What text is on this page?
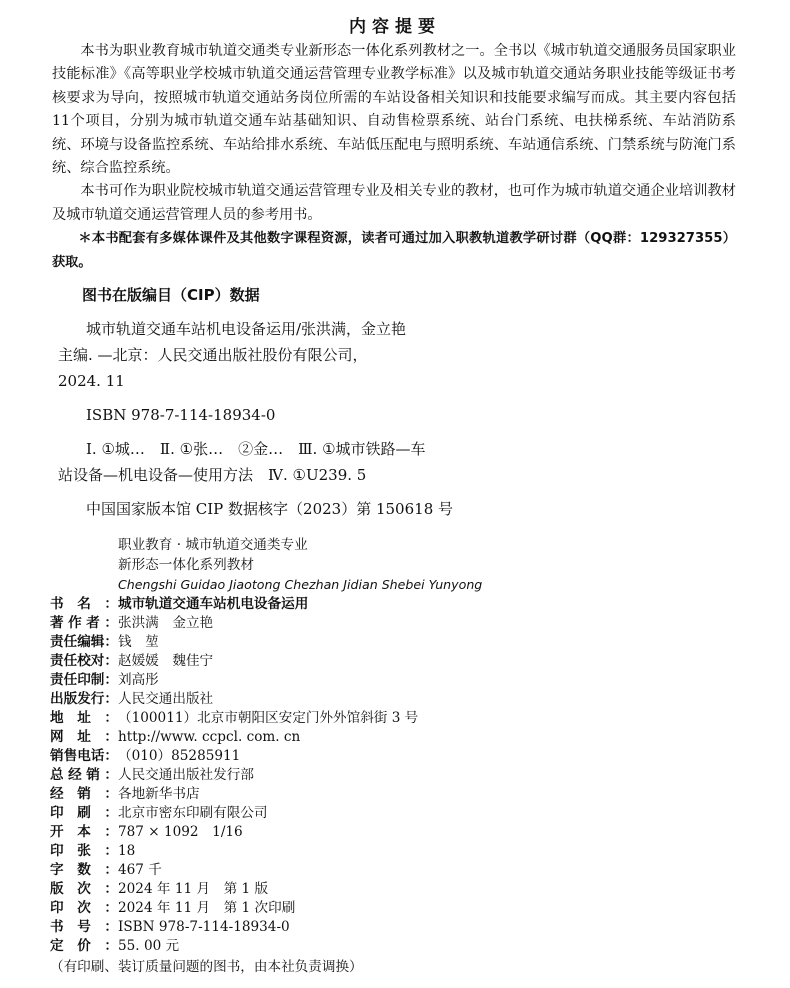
内容提要

本书为职业教育城市轨道交通类专业新形态一体化系列教材之一。全书以《城市轨道交通服务员国家职业技能标准》《高等职业学校城市轨道交通运营管理专业教学标准》以及城市轨道交通站务职业技能等级证书考核要求为导向，按照城市轨道交通站务岗位所需的车站设备相关知识和技能要求编写而成。其主要内容包括11个项目，分别为城市轨道交通车站基础知识、自动售检票系统、站台门系统、电扶梯系统、车站消防系统、环境与设备监控系统、车站给排水系统、车站低压配电与照明系统、车站通信系统、门禁系统与防淹门系统、综合监控系统。

本书可作为职业院校城市轨道交通运营管理专业及相关专业的教材，也可作为城市轨道交通企业培训教材及城市轨道交通运营管理人员的参考用书。

＊本书配套有多媒体课件及其他数字课程资源，读者可通过加入职教轨道教学研讨群（QQ群：129327355）获取。

图书在版编目（CIP）数据
城市轨道交通车站机电设备运用/张洪满，金立艳
主编. —北京：人民交通出版社股份有限公司，
2024. 11
ISBN 978-7-114-18934-0
Ⅰ. ①城…　Ⅱ. ①张…　②金…　Ⅲ. ①城市铁路—车
站设备—机电设备—使用方法　Ⅳ. ①U239. 5
中国国家版本馆 CIP 数据核字（2023）第 150618 号
职业教育 · 城市轨道交通类专业
新形态一体化系列教材
Chengshi Guidao Jiaotong Chezhan Jidian Shebei Yunyong
书 名 ： 城市轨道交通车站机电设备运用
著 作 者 ： 张洪满　金立艳
责 任 编 辑 ： 钱　堃
责 任 校 对 ： 赵媛媛　魏佳宁
责 任 印 制 ： 刘高彤
出 版 发 行 ： 人民交通出版社
地 址 ： （100011）北京市朝阳区安定门外外馆斜街 3 号
网 址 ： http://www. ccpcl. com. cn
销 售 电 话 ： （010）85285911
总 经 销 ： 人民交通出版社发行部
经 销 ： 各地新华书店
印 刷 ： 北京市密东印刷有限公司
开 本 ： 787 × 1092　1/16
印 张 ： 18
字 数 ： 467 千
版 次 ： 2024 年 11 月　第 1 版
印 次 ： 2024 年 11 月　第 1 次印刷
书 号 ： ISBN 978-7-114-18934-0
定 价 ： 55. 00 元
（有印刷、装订质量问题的图书，由本社负责调换）
